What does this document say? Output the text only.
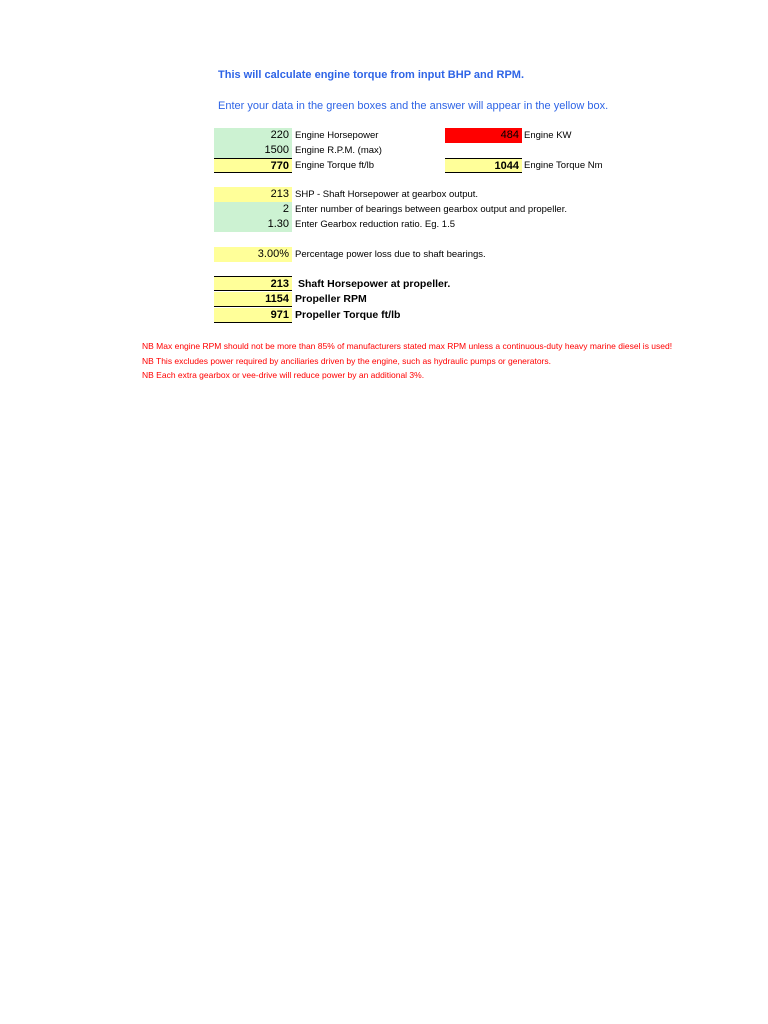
This will calculate engine torque from input BHP and RPM.
Enter your data in the green boxes and the answer will appear in the yellow box.
220 Engine Horsepower
1500 Engine R.P.M. (max)
770 Engine Torque ft/lb
484 Engine KW
1044 Engine Torque Nm
213 SHP - Shaft Horsepower at gearbox output.
2 Enter number of bearings between gearbox output and propeller.
1.30 Enter Gearbox reduction ratio. Eg. 1.5
3.00% Percentage power loss due to shaft bearings.
213 Shaft Horsepower at propeller.
1154 Propeller RPM
971 Propeller Torque ft/lb
NB Max engine RPM should not be more than 85% of manufacturers stated max RPM unless a continuous-duty heavy marine diesel is used!
NB This excludes power required by anciliaries driven by the engine, such as hydraulic pumps or generators.
NB Each extra gearbox or vee-drive will reduce power by an additional 3%.
